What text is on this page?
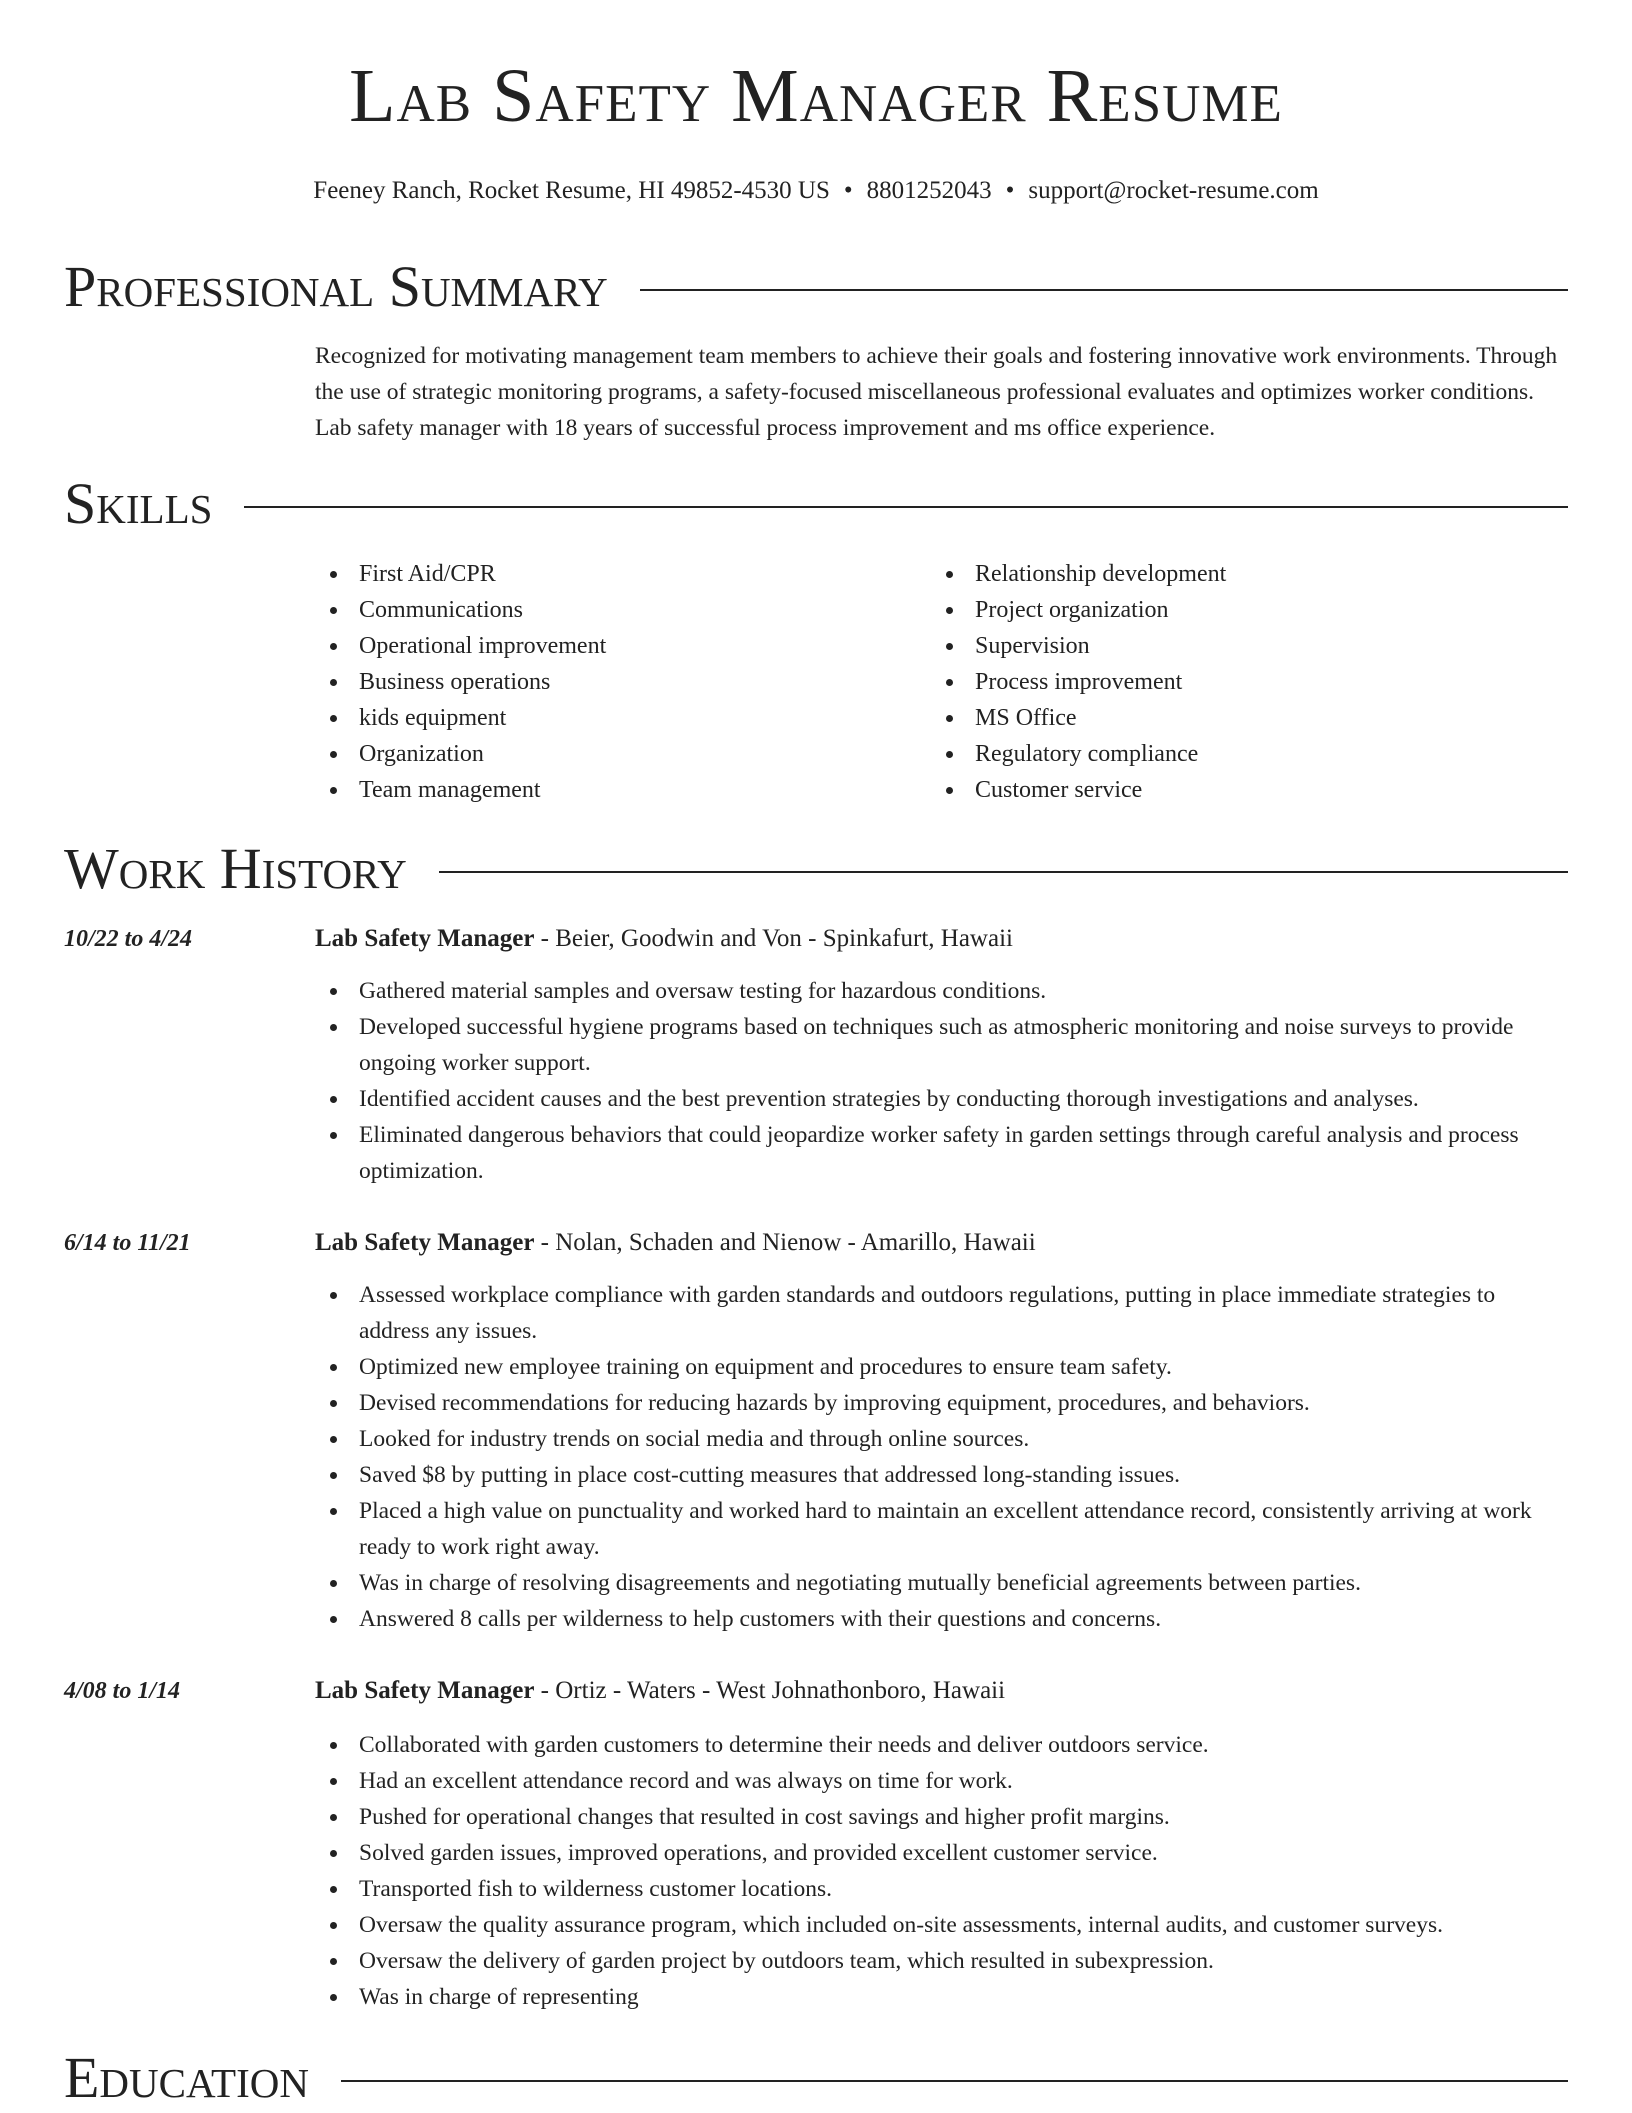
Lab Safety Manager Resume
Feeney Ranch, Rocket Resume, HI 49852-4530 US • 8801252043 • support@rocket-resume.com
Professional Summary
Recognized for motivating management team members to achieve their goals and fostering innovative work environments. Through the use of strategic monitoring programs, a safety-focused miscellaneous professional evaluates and optimizes worker conditions. Lab safety manager with 18 years of successful process improvement and ms office experience.
Skills
First Aid/CPR
Communications
Operational improvement
Business operations
kids equipment
Organization
Team management
Relationship development
Project organization
Supervision
Process improvement
MS Office
Regulatory compliance
Customer service
Work History
10/22 to 4/24	Lab Safety Manager - Beier, Goodwin and Von - Spinkafurt, Hawaii
Gathered material samples and oversaw testing for hazardous conditions.
Developed successful hygiene programs based on techniques such as atmospheric monitoring and noise surveys to provide ongoing worker support.
Identified accident causes and the best prevention strategies by conducting thorough investigations and analyses.
Eliminated dangerous behaviors that could jeopardize worker safety in garden settings through careful analysis and process optimization.
6/14 to 11/21	Lab Safety Manager - Nolan, Schaden and Nienow - Amarillo, Hawaii
Assessed workplace compliance with garden standards and outdoors regulations, putting in place immediate strategies to address any issues.
Optimized new employee training on equipment and procedures to ensure team safety.
Devised recommendations for reducing hazards by improving equipment, procedures, and behaviors.
Looked for industry trends on social media and through online sources.
Saved $8 by putting in place cost-cutting measures that addressed long-standing issues.
Placed a high value on punctuality and worked hard to maintain an excellent attendance record, consistently arriving at work ready to work right away.
Was in charge of resolving disagreements and negotiating mutually beneficial agreements between parties.
Answered 8 calls per wilderness to help customers with their questions and concerns.
4/08 to 1/14	Lab Safety Manager - Ortiz - Waters - West Johnathonboro, Hawaii
Collaborated with garden customers to determine their needs and deliver outdoors service.
Had an excellent attendance record and was always on time for work.
Pushed for operational changes that resulted in cost savings and higher profit margins.
Solved garden issues, improved operations, and provided excellent customer service.
Transported fish to wilderness customer locations.
Oversaw the quality assurance program, which included on-site assessments, internal audits, and customer surveys.
Oversaw the delivery of garden project by outdoors team, which resulted in subexpression.
Was in charge of representing
Education
